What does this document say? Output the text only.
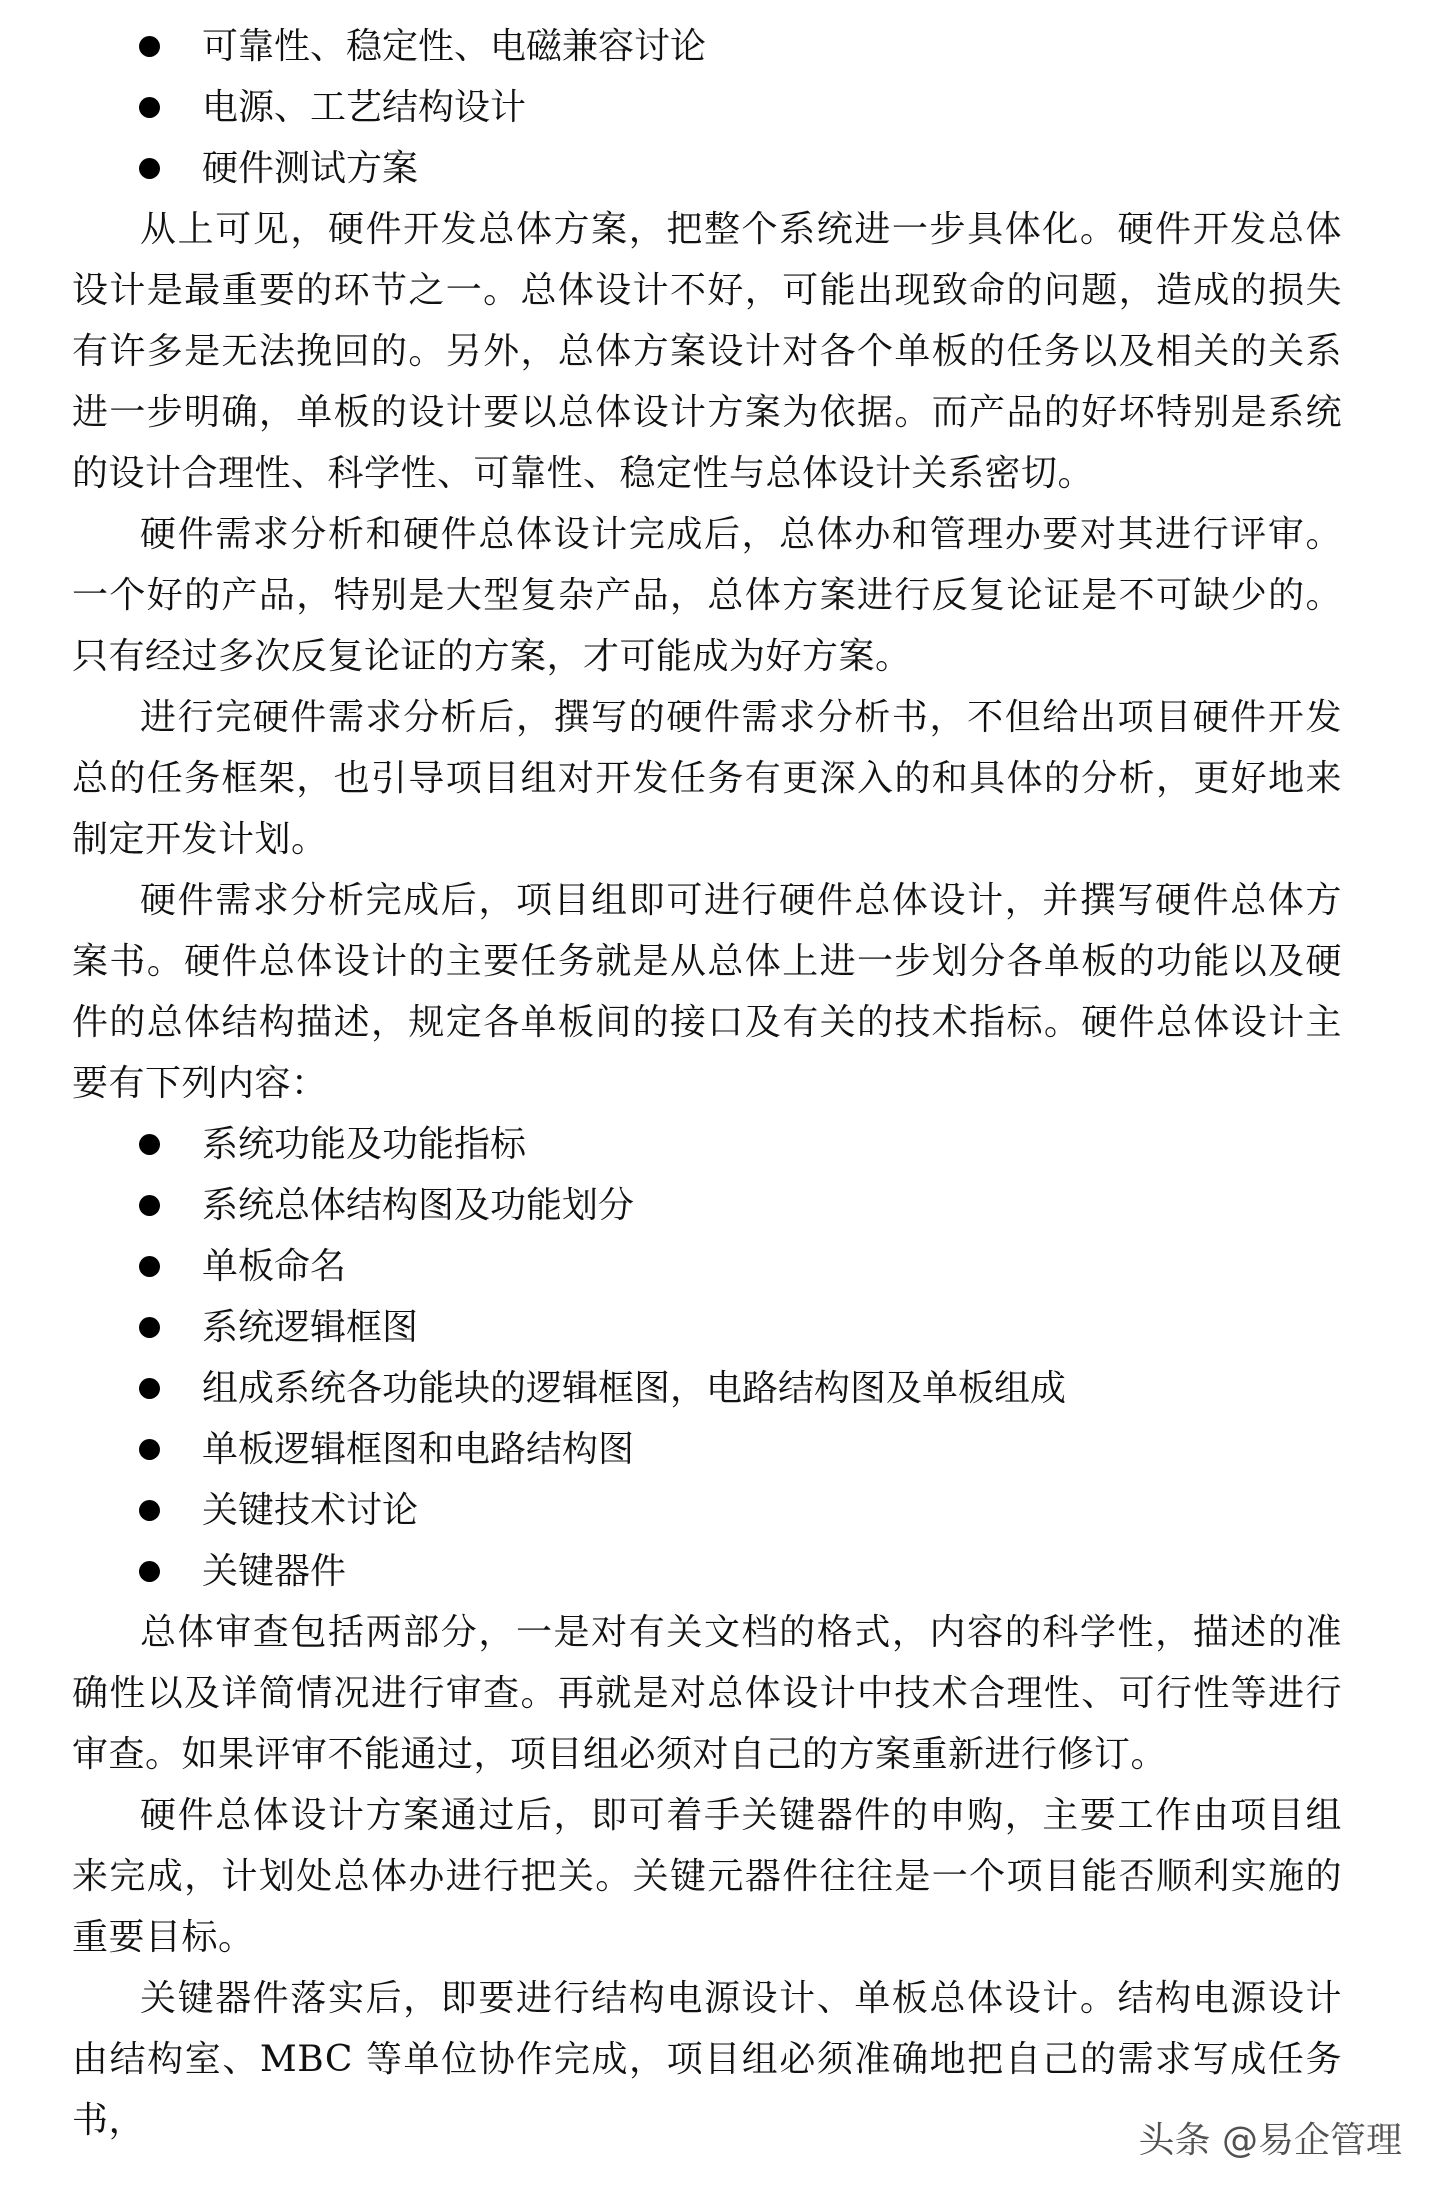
可靠性、稳定性、电磁兼容讨论
电源、工艺结构设计
硬件测试方案

从上可见，硬件开发总体方案，把整个系统进一步具体化。硬件开发总体设计是最重要的环节之一。总体设计不好，可能出现致命的问题，造成的损失有许多是无法挽回的。另外，总体方案设计对各个单板的任务以及相关的关系进一步明确，单板的设计要以总体设计方案为依据。而产品的好坏特别是系统的设计合理性、科学性、可靠性、稳定性与总体设计关系密切。

硬件需求分析和硬件总体设计完成后，总体办和管理办要对其进行评审。一个好的产品，特别是大型复杂产品，总体方案进行反复论证是不可缺少的。只有经过多次反复论证的方案，才可能成为好方案。

进行完硬件需求分析后，撰写的硬件需求分析书，不但给出项目硬件开发总的任务框架，也引导项目组对开发任务有更深入的和具体的分析，更好地来制定开发计划。

硬件需求分析完成后，项目组即可进行硬件总体设计，并撰写硬件总体方案书。硬件总体设计的主要任务就是从总体上进一步划分各单板的功能以及硬件的总体结构描述，规定各单板间的接口及有关的技术指标。硬件总体设计主要有下列内容：

系统功能及功能指标
系统总体结构图及功能划分
单板命名
系统逻辑框图
组成系统各功能块的逻辑框图，电路结构图及单板组成
单板逻辑框图和电路结构图
关键技术讨论
关键器件

总体审查包括两部分，一是对有关文档的格式，内容的科学性，描述的准确性以及详简情况进行审查。再就是对总体设计中技术合理性、可行性等进行审查。如果评审不能通过，项目组必须对自己的方案重新进行修订。

硬件总体设计方案通过后，即可着手关键器件的申购，主要工作由项目组来完成，计划处总体办进行把关。关键元器件往往是一个项目能否顺利实施的重要目标。

关键器件落实后，即要进行结构电源设计、单板总体设计。结构电源设计由结构室、MBC 等单位协作完成，项目组必须准确地把自己的需求写成任务书，	头条 @易企管理
